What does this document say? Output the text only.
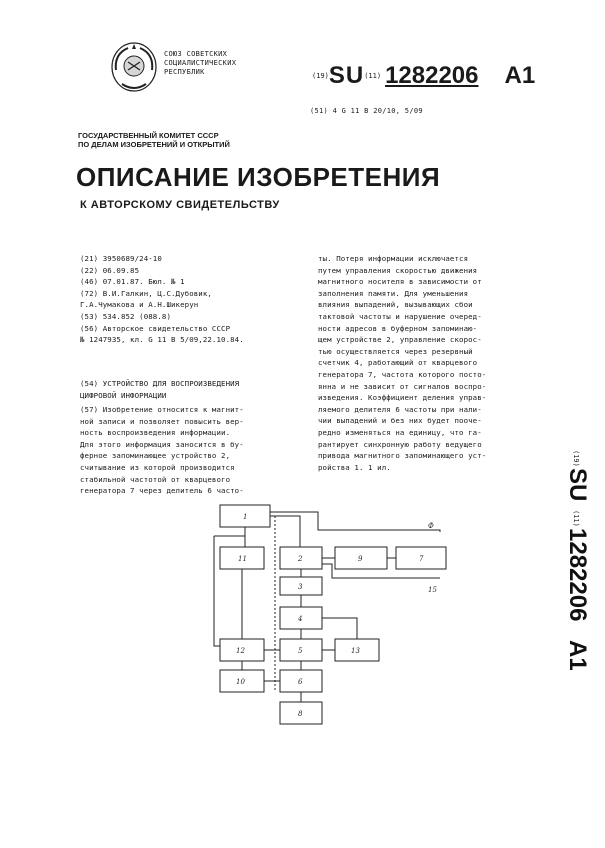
СОЮЗ СОВЕТСКИХ
СОЦИАЛИСТИЧЕСКИХ
РЕСПУБЛИК	(19)SU(11) 1282206 A1
(51) 4 G 11 B 20/10, 5/09
ГОСУДАРСТВЕННЫЙ КОМИТЕТ СССР
ПО ДЕЛАМ ИЗОБРЕТЕНИЙ И ОТКРЫТИЙ
ОПИСАНИЕ ИЗОБРЕТЕНИЯ
К АВТОРСКОМУ СВИДЕТЕЛЬСТВУ
(21) 3950689/24-10
(22) 06.09.85
(46) 07.01.87. Бюл. № 1
(72) В.И.Галкин, Ц.С.Дубовик,
Г.А.Чумакова и А.Н.Шикерун
(53) 534.852 (088.8)
(56) Авторское свидетельство СССР
№ 1247935, кл. G 11 B 5/09,22.10.84.
(54) УСТРОЙСТВО ДЛЯ ВОСПРОИЗВЕДЕНИЯ
ЦИФРОВОЙ ИНФОРМАЦИИ
(57) Изобретение относится к магнит-
ной записи и позволяет повысить вер-
ность воспроизведения информации.
Для этого информация заносится в бу-
ферное запоминающее устройство 2,
считывание из которой производится
стабильной частотой от кварцевого
генератора 7 через делитель 6 часто-
ты. Потеря информации исключается
путем управления скоростью движения
магнитного носителя в зависимости от
заполнения памяти. Для уменьшения
влияния выпадений, вызывающих сбои
тактовой частоты и нарушение очеред-
ности адресов в буферном запоминаю-
щем устройстве 2, управление скорос-
тью осуществляется через резервный
счетчик 4, работающий от кварцевого
генератора 7, частота которого посто-
янна и не зависит от сигналов воспро-
изведения. Коэффициент деления управ-
ляемого делителя 6 частоты при нали-
чии выпадений и без них будет пооче-
редно изменяться на единицу, что га-
рантирует синхронную работу ведущего
привода магнитного запоминающего уст-
ройства 1. 1 ил.
(19)
SU
(11)
1282206
A1
1
11	2	9	7
3
4
5	13
12
10	6
8
Ф
15
